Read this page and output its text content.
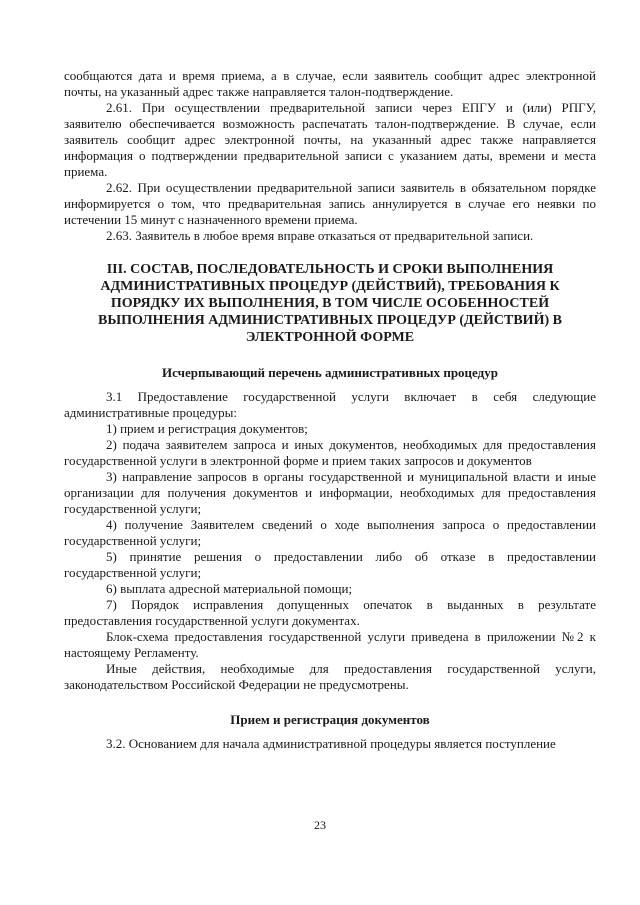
сообщаются дата и время приема, а в случае, если заявитель сообщит адрес электронной почты, на указанный адрес также направляется талон-подтверждение.

2.61. При осуществлении предварительной записи через ЕПГУ и (или) РПГУ, заявителю обеспечивается возможность распечатать талон-подтверждение. В случае, если заявитель сообщит адрес электронной почты, на указанный адрес также направляется информация о подтверждении предварительной записи с указанием даты, времени и места приема.

2.62. При осуществлении предварительной записи заявитель в обязательном порядке информируется о том, что предварительная запись аннулируется в случае его неявки по истечении 15 минут с назначенного времени приема.

2.63. Заявитель в любое время вправе отказаться от предварительной записи.

III. СОСТАВ, ПОСЛЕДОВАТЕЛЬНОСТЬ И СРОКИ ВЫПОЛНЕНИЯ АДМИНИСТРАТИВНЫХ ПРОЦЕДУР (ДЕЙСТВИЙ), ТРЕБОВАНИЯ К ПОРЯДКУ ИХ ВЫПОЛНЕНИЯ, В ТОМ ЧИСЛЕ ОСОБЕННОСТЕЙ ВЫПОЛНЕНИЯ АДМИНИСТРАТИВНЫХ ПРОЦЕДУР (ДЕЙСТВИЙ) В ЭЛЕКТРОННОЙ ФОРМЕ
Исчерпывающий перечень административных процедур

3.1 Предоставление государственной услуги включает в себя следующие административные процедуры:

1) прием и регистрация документов;

2) подача заявителем запроса и иных документов, необходимых для предоставления государственной услуги в электронной форме и прием таких запросов и документов

3) направление запросов в органы государственной и муниципальной власти и иные организации для получения документов и информации, необходимых для предоставления государственной услуги;

4) получение Заявителем сведений о ходе выполнения запроса о предоставлении государственной услуги;

5) принятие решения о предоставлении либо об отказе в предоставлении государственной услуги;

6) выплата адресной материальной помощи;

7) Порядок исправления допущенных опечаток в выданных в результате предоставления государственной услуги документах.

Блок-схема предоставления государственной услуги приведена в приложении №2 к настоящему Регламенту.

Иные действия, необходимые для предоставления государственной услуги, законодательством Российской Федерации не предусмотрены.

Прием и регистрация документов

3.2. Основанием для начала административной процедуры является поступление

23
